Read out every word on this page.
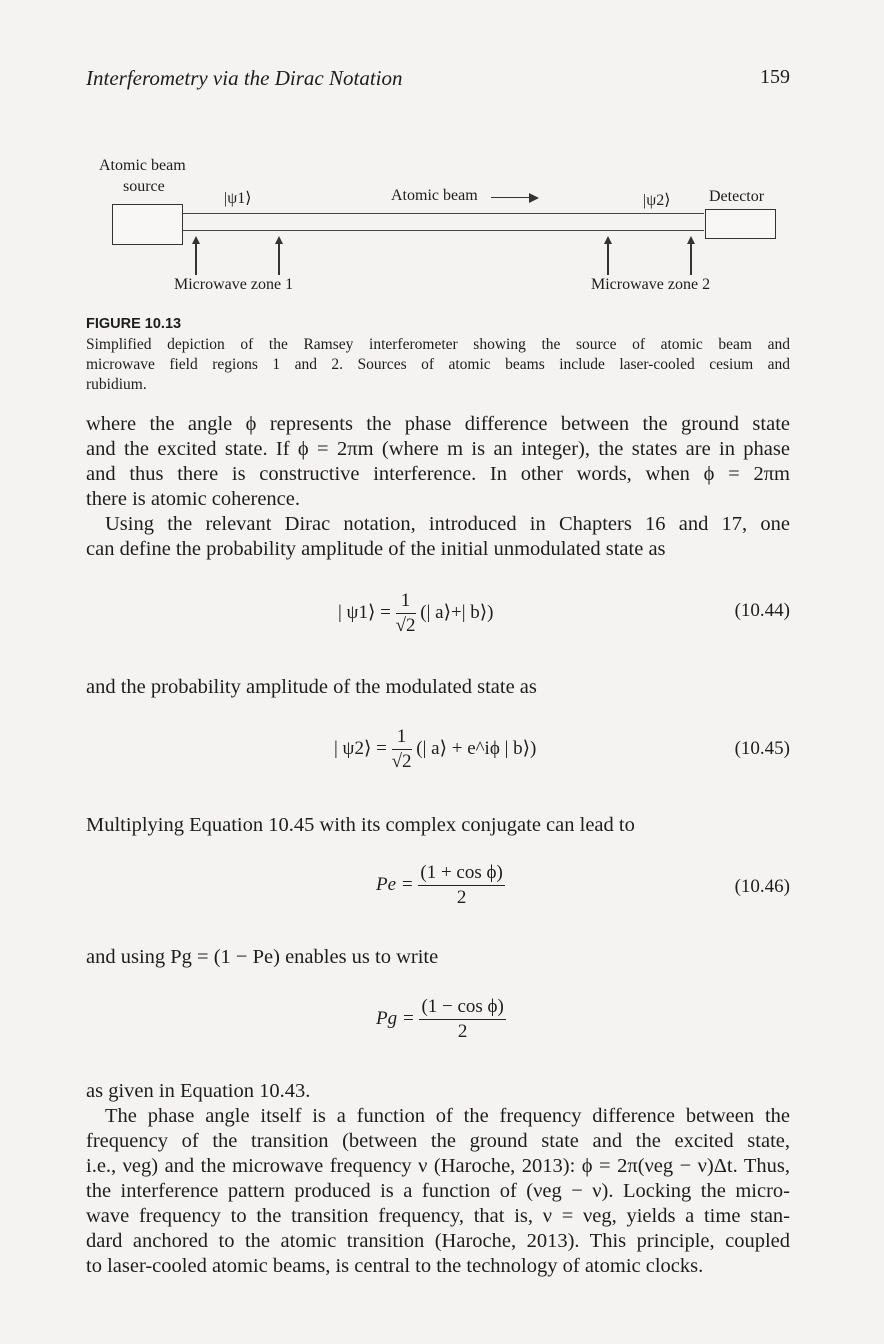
Interferometry via the Dirac Notation	159
Atomic beam
source
|ψ1⟩	Atomic beam	|ψ2⟩ Detector
Microwave zone 1	Microwave zone 2
FIGURE 10.13
Simplified depiction of the Ramsey interferometer showing the source of atomic beam and
microwave field regions 1 and 2. Sources of atomic beams include laser-cooled cesium and
rubidium.
where the angle ϕ represents the phase difference between the ground state
and the excited state. If ϕ = 2πm (where m is an integer), the states are in phase
and thus there is constructive interference. In other words, when ϕ = 2πm
there is atomic coherence.
Using the relevant Dirac notation, introduced in Chapters 16 and 17, one
can define the probability amplitude of the initial unmodulated state as
| ψ1⟩ = $\frac{1}{√2}$ (| a⟩+| b⟩)	(10.44)
and the probability amplitude of the modulated state as
| ψ2⟩ = $\frac{1}{√2}$ (| a⟩ + e^iϕ | b⟩)	(10.45)
Multiplying Equation 10.45 with its complex conjugate can lead to
$Pe = \frac{\text{(1 + cos ϕ)}}{2}$	(10.46)
and using Pg = (1 − Pe) enables us to write
$Pg = \frac{\text{(1 − cos ϕ)}}{2}$
as given in Equation 10.43.
The phase angle itself is a function of the frequency difference between the
frequency of the transition (between the ground state and the excited state,
i.e., νeg) and the microwave frequency ν (Haroche, 2013): ϕ = 2π(νeg − ν)Δt. Thus,
the interference pattern produced is a function of (νeg − ν). Locking the micro-
wave frequency to the transition frequency, that is, ν = νeg, yields a time stan-
dard anchored to the atomic transition (Haroche, 2013). This principle, coupled
to laser-cooled atomic beams, is central to the technology of atomic clocks.
